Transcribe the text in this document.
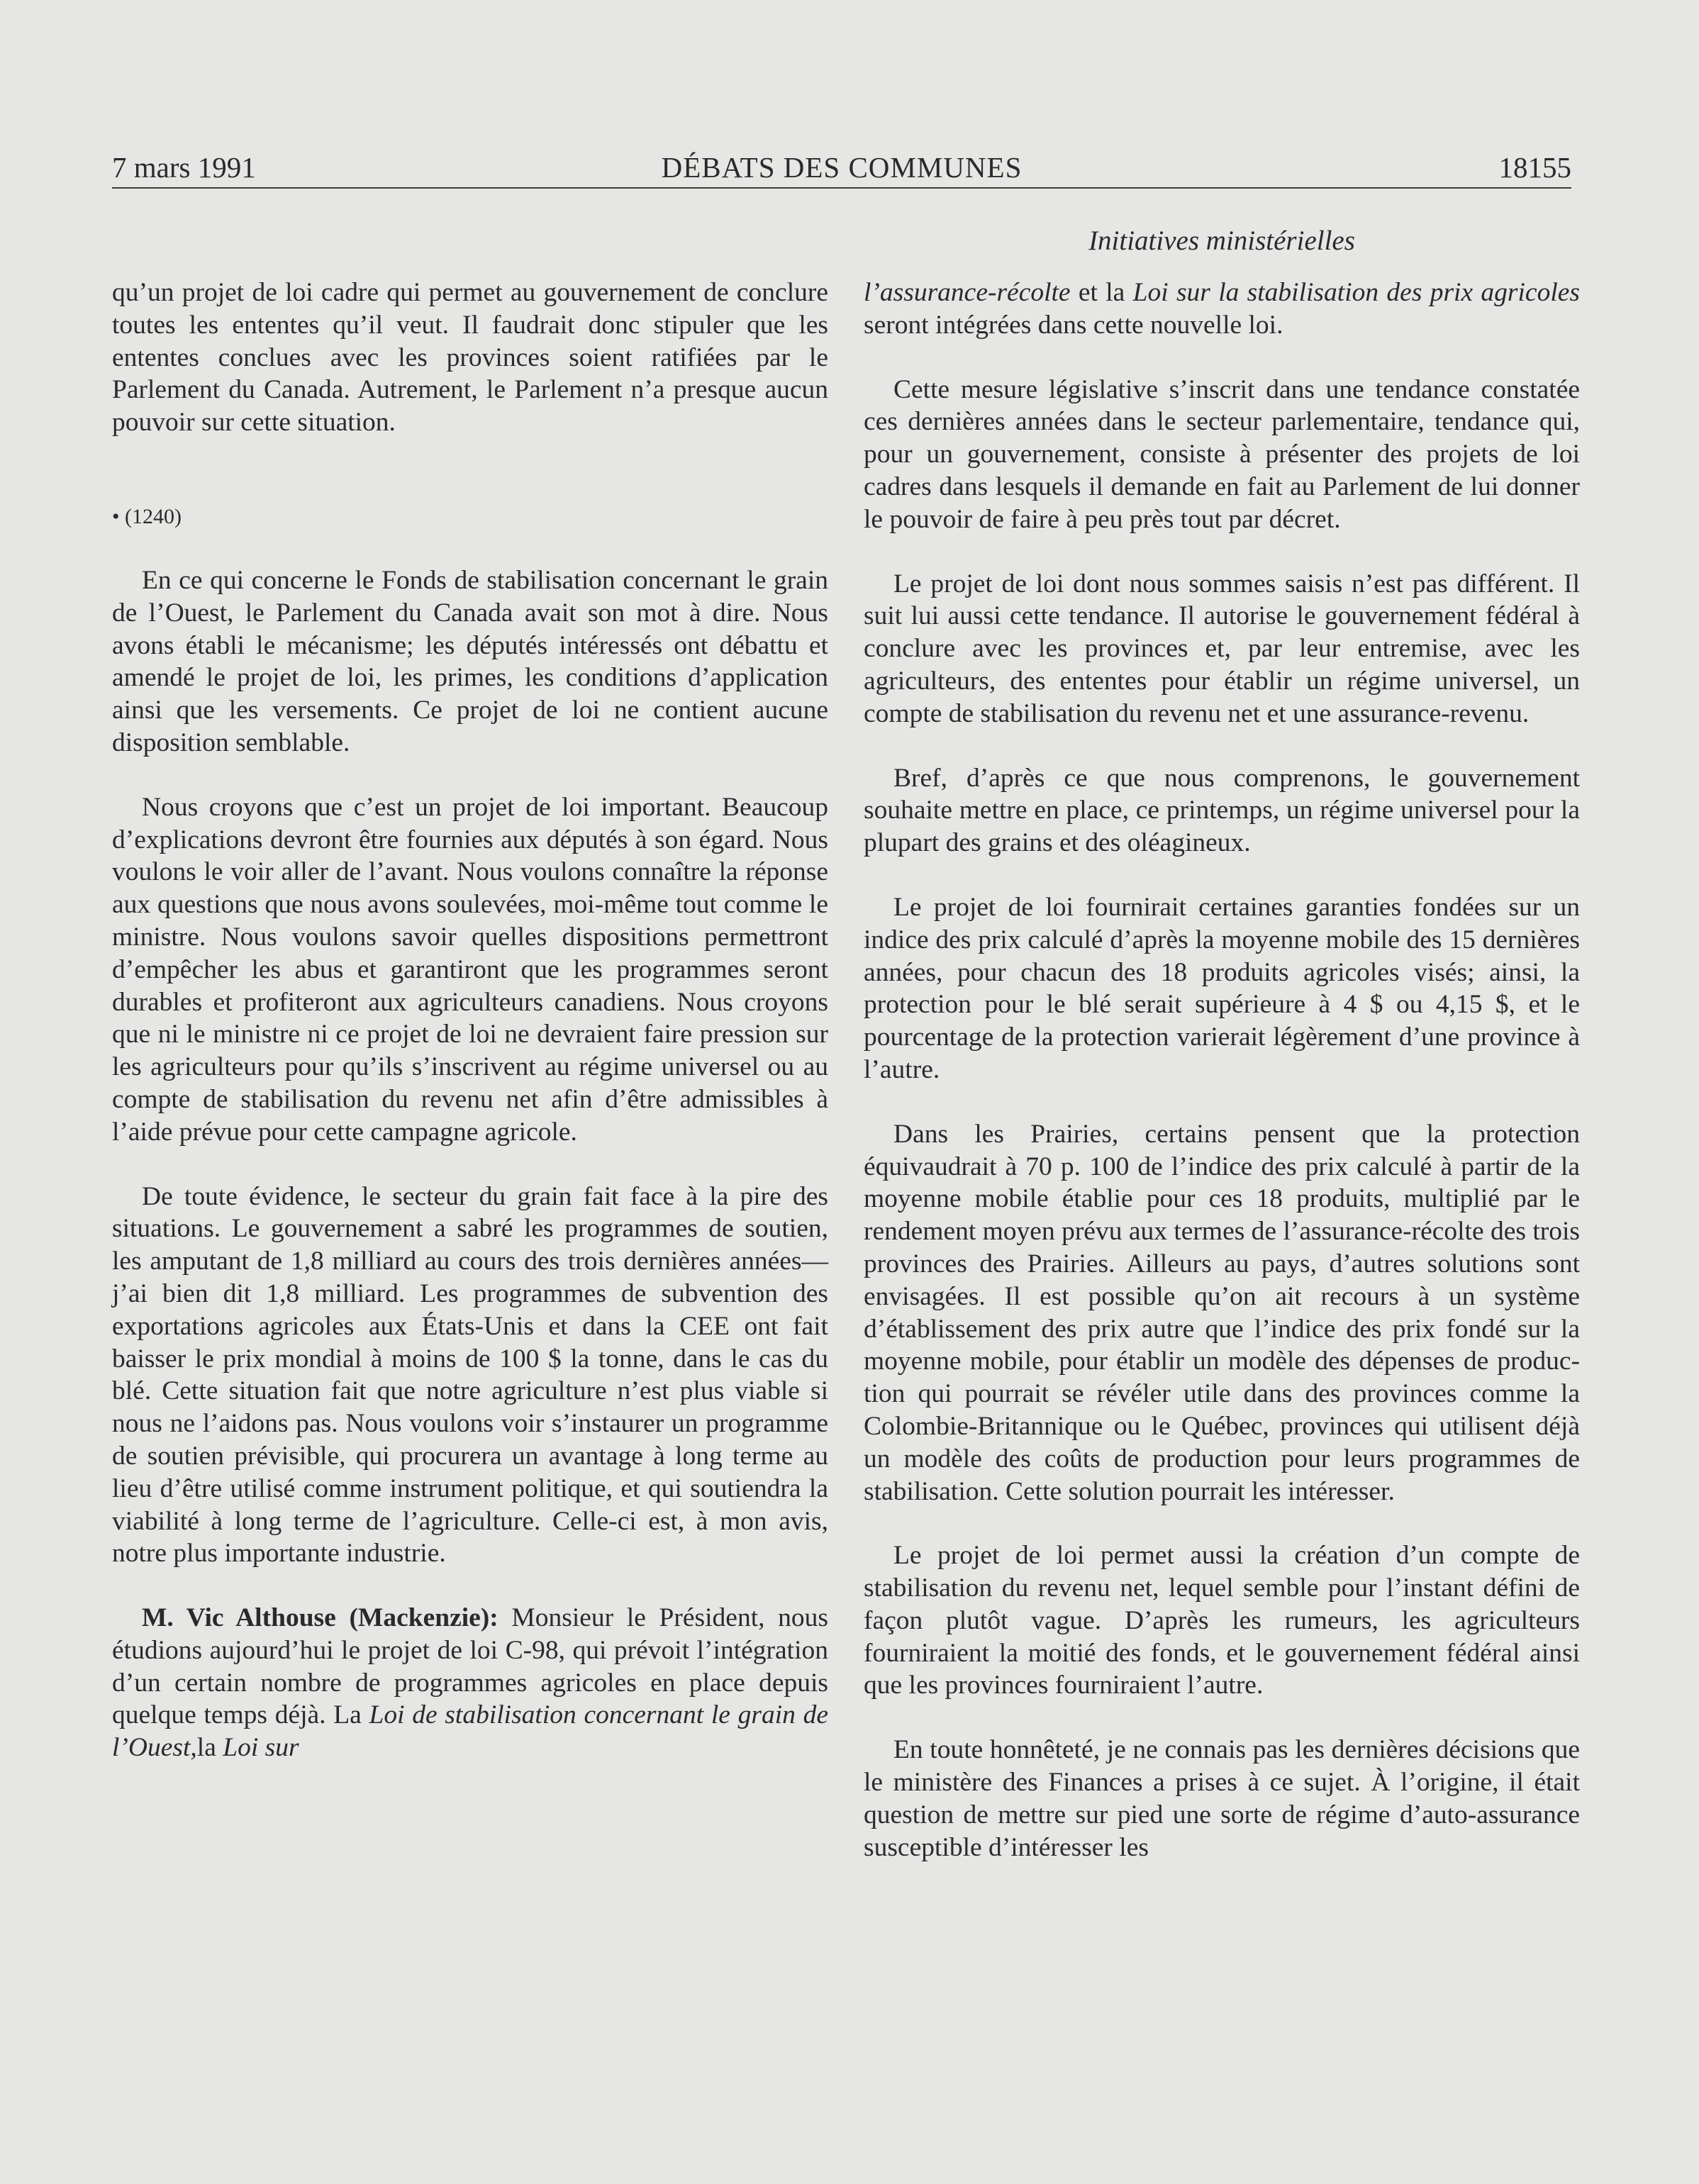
7 mars 1991	DÉBATS DES COMMUNES	18155
Initiatives ministérielles

qu’un projet de loi cadre qui permet au gouvernement de conclure toutes les ententes qu’il veut. Il faudrait donc stipuler que les ententes conclues avec les provinces soient ratifiées par le Parlement du Canada. Autrement, le Parlement n’a presque aucun pouvoir sur cette situation.

• (1240)

En ce qui concerne le Fonds de stabilisation concernant le grain de l’Ouest, le Parlement du Canada avait son mot à dire. Nous avons établi le mécanisme; les députés intéressés ont débattu et amendé le projet de loi, les primes, les conditions d’application ainsi que les versements. Ce projet de loi ne contient aucune disposition semblable.

Nous croyons que c’est un projet de loi important. Beaucoup d’explications devront être fournies aux députés à son égard. Nous voulons le voir aller de l’avant. Nous voulons connaître la réponse aux questions que nous avons soulevées, moi-même tout comme le ministre. Nous voulons savoir quelles dispositions permettront d’empêcher les abus et garantiront que les programmes seront durables et profiteront aux agriculteurs canadiens. Nous croyons que ni le ministre ni ce projet de loi ne devraient faire pression sur les agriculteurs pour qu’ils s’inscrivent au régime universel ou au compte de stabilisation du revenu net afin d’être admissibles à l’aide prévue pour cette campagne agricole.

De toute évidence, le secteur du grain fait face à la pire des situations. Le gouvernement a sabré les programmes de soutien, les amputant de 1,8 milliard au cours des trois dernières années—j’ai bien dit 1,8 milliard. Les programmes de subvention des exportations agricoles aux États-Unis et dans la CEE ont fait baisser le prix mondial à moins de 100 $ la tonne, dans le cas du blé. Cette situation fait que notre agriculture n’est plus viable si nous ne l’aidons pas. Nous voulons voir s’instaurer un programme de soutien prévisible, qui procurera un avantage à long terme au lieu d’être utilisé comme instrument politique, et qui soutiendra la viabilité à long terme de l’agriculture. Celle-ci est, à mon avis, notre plus importante industrie.

M. Vic Althouse (Mackenzie): Monsieur le Président, nous étudions aujourd’hui le projet de loi C-98, qui prévoit l’intégration d’un certain nombre de programmes agricoles en place depuis quelque temps déjà. La Loi de stabilisation concernant le grain de l’Ouest,la Loi sur

l’assurance-récolte et la Loi sur la stabilisation des prix agricoles seront intégrées dans cette nouvelle loi.

Cette mesure législative s’inscrit dans une tendance constatée ces dernières années dans le secteur parlementaire, tendance qui, pour un gouvernement, consiste à présenter des projets de loi cadres dans lesquels il demande en fait au Parlement de lui donner le pouvoir de faire à peu près tout par décret.

Le projet de loi dont nous sommes saisis n’est pas différent. Il suit lui aussi cette tendance. Il autorise le gouvernement fédéral à conclure avec les provinces et, par leur entremise, avec les agriculteurs, des ententes pour établir un régime universel, un compte de stabilisation du revenu net et une assurance-revenu.

Bref, d’après ce que nous comprenons, le gouvernement souhaite mettre en place, ce printemps, un régime universel pour la plupart des grains et des oléagineux.

Le projet de loi fournirait certaines garanties fondées sur un indice des prix calculé d’après la moyenne mobile des 15 dernières années, pour chacun des 18 produits agricoles visés; ainsi, la protection pour le blé serait supérieure à 4 $ ou 4,15 $, et le pourcentage de la protection varierait légèrement d’une province à l’autre.

Dans les Prairies, certains pensent que la protection équivaudrait à 70 p. 100 de l’indice des prix calculé à partir de la moyenne mobile établie pour ces 18 produits, multiplié par le rendement moyen prévu aux termes de l’assurance-récolte des trois provinces des Prairies. Ailleurs au pays, d’autres solutions sont envisagées. Il est possible qu’on ait recours à un système d’établissement des prix autre que l’indice des prix fondé sur la moyenne mobile, pour établir un modèle des dépenses de production qui pourrait se révéler utile dans des provinces comme la Colombie-Britannique ou le Québec, provinces qui utilisent déjà un modèle des coûts de production pour leurs programmes de stabilisation. Cette solution pourrait les intéresser.

Le projet de loi permet aussi la création d’un compte de stabilisation du revenu net, lequel semble pour l’instant défini de façon plutôt vague. D’après les rumeurs, les agriculteurs fourniraient la moitié des fonds, et le gouvernement fédéral ainsi que les provinces fourniraient l’autre.

En toute honnêteté, je ne connais pas les dernières décisions que le ministère des Finances a prises à ce sujet. À l’origine, il était question de mettre sur pied une sorte de régime d’auto-assurance susceptible d’intéresser les
